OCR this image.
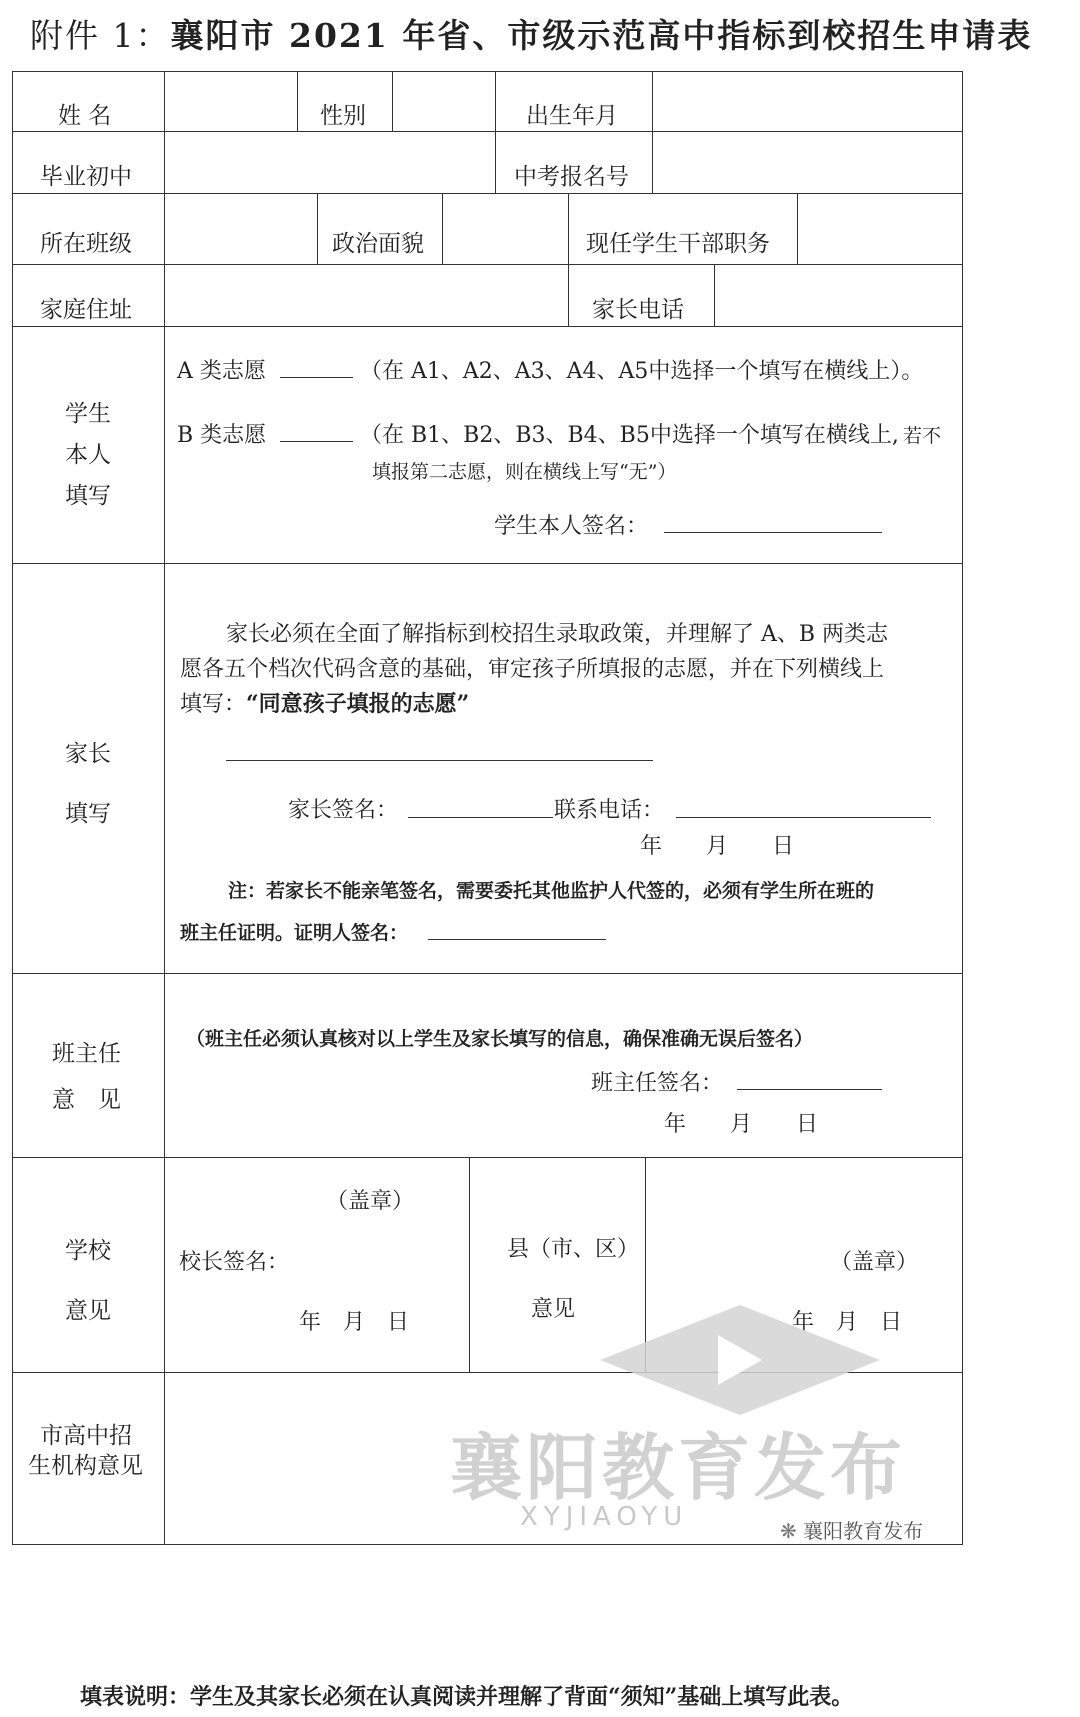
附件 1：襄阳市 2021 年省、市级示范高中指标到校招生申请表
姓 名	性别	出生年月
毕业初中	中考报名号
所在班级	政治面貌	现任学生干部职务
家庭住址	家长电话
学生
本人
填写
A 类志愿	（在 A1、A2、A3、A4、A5中选择一个填写在横线上）。
B 类志愿	（在 B1、B2、B3、B4、B5中选择一个填写在横线上, 若不
填报第二志愿，则在横线上写“无”）
学生本人签名：
家长
填写
家长必须在全面了解指标到校招生录取政策，并理解了 A、B 两类志
愿各五个档次代码含意的基础，审定孩子所填报的志愿，并在下列横线上
填写：“同意孩子填报的志愿”
家长签名：	联系电话：
年　　月　　日
注：若家长不能亲笔签名，需要委托其他监护人代签的，必须有学生所在班的
班主任证明。证明人签名：
班主任
意　见
（班主任必须认真核对以上学生及家长填写的信息，确保准确无误后签名）
班主任签名：
年　　月　　日
学校
意见
（盖章）
校长签名：
年　月　日
县（市、区）
意见
（盖章）
年　月　日
市高中招
生机构意见	襄阳教育发布
XYJIAOYU	❋ 襄阳教育发布
填表说明：学生及其家长必须在认真阅读并理解了背面“须知”基础上填写此表。
